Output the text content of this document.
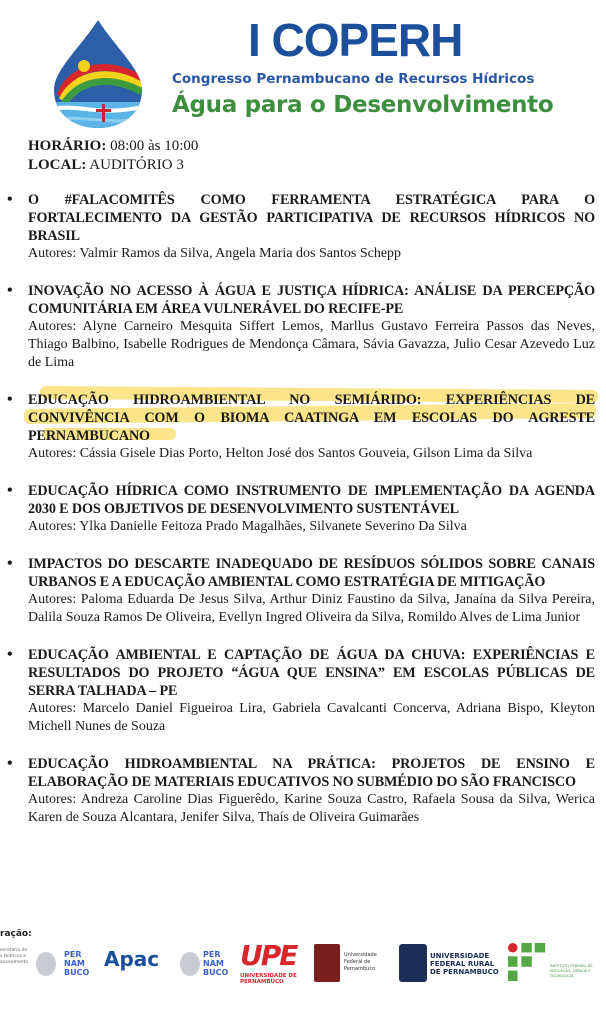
I COPERH
Congresso Pernambucano de Recursos Hídricos
Água para o Desenvolvimento
HORÁRIO: 08:00 às 10:00
LOCAL: AUDITÓRIO 3
• O #FALACOMITÊS COMO FERRAMENTA ESTRATÉGICA PARA O FORTALECIMENTO DA GESTÃO PARTICIPATIVA DE RECURSOS HÍDRICOS NO BRASIL
Autores: Valmir Ramos da Silva, Angela Maria dos Santos Schepp
• INOVAÇÃO NO ACESSO À ÁGUA E JUSTIÇA HÍDRICA: ANÁLISE DA PERCEPÇÃO COMUNITÁRIA EM ÁREA VULNERÁVEL DO RECIFE-PE
Autores: Alyne Carneiro Mesquita Siffert Lemos, Marllus Gustavo Ferreira Passos das Neves, Thiago Balbino, Isabelle Rodrigues de Mendonça Câmara, Sávia Gavazza, Julio Cesar Azevedo Luz de Lima
• EDUCAÇÃO HIDROAMBIENTAL NO SEMIÁRIDO: EXPERIÊNCIAS DE CONVIVÊNCIA COM O BIOMA CAATINGA EM ESCOLAS DO AGRESTE PERNAMBUCANO
Autores: Cássia Gisele Dias Porto, Helton José dos Santos Gouveia, Gilson Lima da Silva
• EDUCAÇÃO HÍDRICA COMO INSTRUMENTO DE IMPLEMENTAÇÃO DA AGENDA 2030 E DOS OBJETIVOS DE DESENVOLVIMENTO SUSTENTÁVEL
Autores: Ylka Danielle Feitoza Prado Magalhães, Silvanete Severino Da Silva
• IMPACTOS DO DESCARTE INADEQUADO DE RESÍDUOS SÓLIDOS SOBRE CANAIS URBANOS E A EDUCAÇÃO AMBIENTAL COMO ESTRATÉGIA DE MITIGAÇÃO
Autores: Paloma Eduarda De Jesus Silva, Arthur Diniz Faustino da Silva, Janaína da Silva Pereira, Dalila Souza Ramos De Oliveira, Evellyn Ingred Oliveira da Silva, Romildo Alves de Lima Junior
• EDUCAÇÃO AMBIENTAL E CAPTAÇÃO DE ÁGUA DA CHUVA: EXPERIÊNCIAS E RESULTADOS DO PROJETO “ÁGUA QUE ENSINA” EM ESCOLAS PÚBLICAS DE SERRA TALHADA – PE
Autores: Marcelo Daniel Figueiroa Lira, Gabriela Cavalcanti Concerva, Adriana Bispo, Kleyton Michell Nunes de Souza
• EDUCAÇÃO HIDROAMBIENTAL NA PRÁTICA: PROJETOS DE ENSINO E ELABORAÇÃO DE MATERIAIS EDUCATIVOS NO SUBMÉDIO DO SÃO FRANCISCO
Autores: Andreza Caroline Dias Figuerêdo, Karine Souza Castro, Rafaela Sousa da Silva, Werica Karen de Souza Alcantara, Jenifer Silva, Thaís de Oliveira Guimarães
ração:
ecretaria de
s Hídricos e
anceamento
PER NAM BUCO
Apac	PER NAM BUCO
UPE
UNIVERSIDADE DE PERNAMBUCO
Universidade Federal de Pernambuco
UNIVERSIDADE FEDERAL RURAL DE PERNAMBUCO
INSTITUTO FEDERAL DE EDUCAÇÃO, CIÊNCIA E TECNOLOGIA
